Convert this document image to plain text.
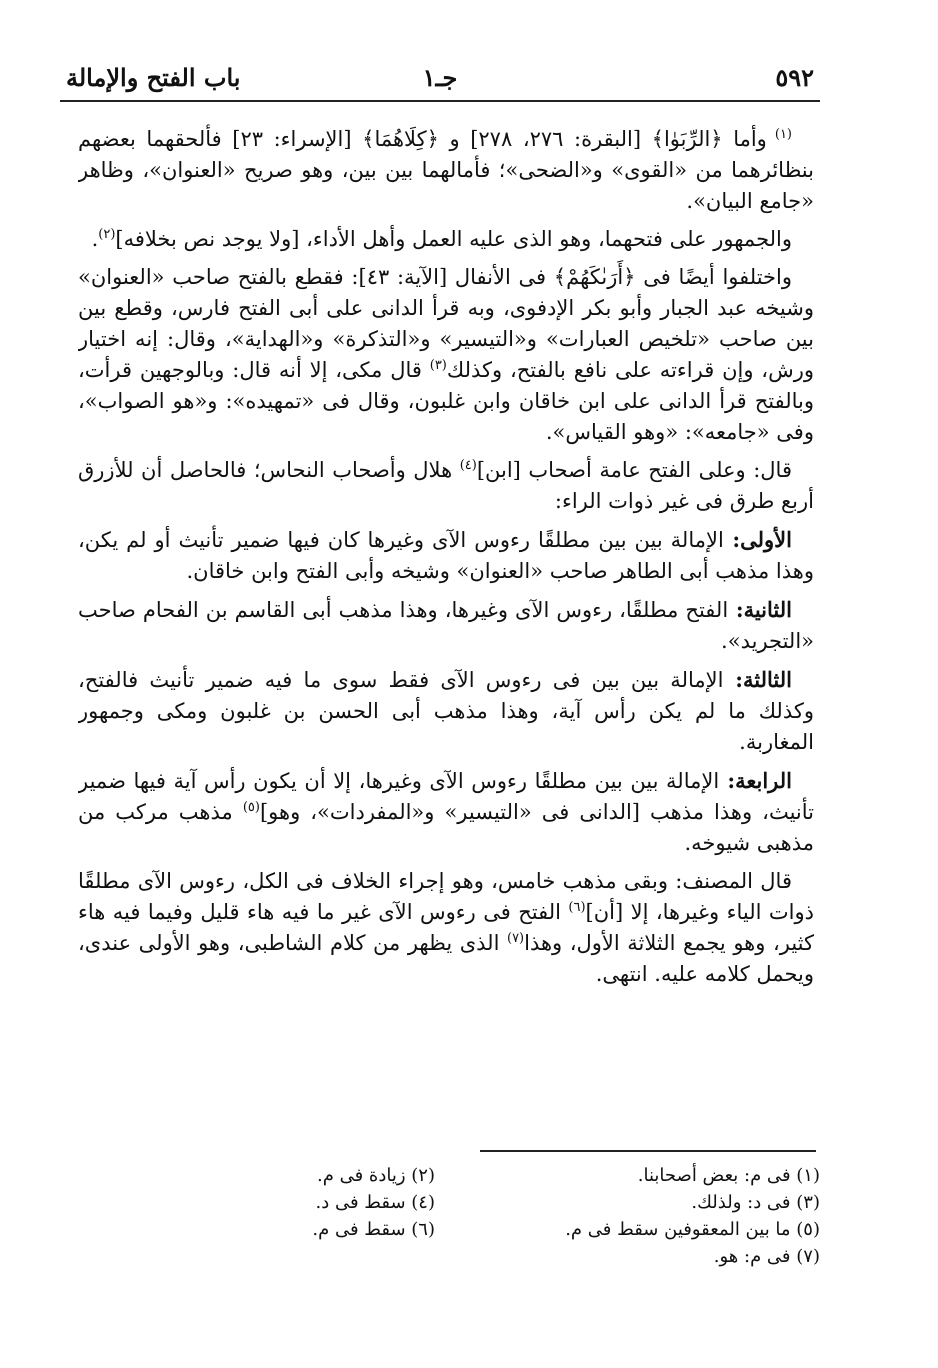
٥٩٢
جـ١
باب الفتح والإمالة

$^{(١)}$ وأما ﴿الرِّبَوٰا﴾ [البقرة: ٢٧٦، ٢٧٨] و ﴿كِلَاهُمَا﴾ [الإسراء: ٢٣] فألحقهما بعضهم بنظائرهما من «القوى» و«الضحى»؛ فأمالهما بين بين، وهو صريح «العنوان»، وظاهر «جامع البيان».

والجمهور على فتحهما، وهو الذى عليه العمل وأهل الأداء، [ولا يوجد نص بخلافه]$^{(٢)}$.

واختلفوا أيضًا فى ﴿أَرَىٰكَهُمْ﴾ فى الأنفال [الآية: ٤٣]: فقطع بالفتح صاحب «العنوان» وشيخه عبد الجبار وأبو بكر الإدفوى، وبه قرأ الدانى على أبى الفتح فارس، وقطع بين بين صاحب «تلخيص العبارات» و«التيسير» و«التذكرة» و«الهداية»، وقال: إنه اختيار ورش، وإن قراءته على نافع بالفتح، وكذلك$^{(٣)}$ قال مكى، إلا أنه قال: وبالوجهين قرأت، وبالفتح قرأ الدانى على ابن خاقان وابن غلبون، وقال فى «تمهيده»: و«هو الصواب»، وفى «جامعه»: «وهو القياس».

قال: وعلى الفتح عامة أصحاب [ابن]$^{(٤)}$ هلال وأصحاب النحاس؛ فالحاصل أن للأزرق أربع طرق فى غير ذوات الراء:

الأولى: الإمالة بين بين مطلقًا رءوس الآى وغيرها كان فيها ضمير تأنيث أو لم يكن، وهذا مذهب أبى الطاهر صاحب «العنوان» وشيخه وأبى الفتح وابن خاقان.

الثانية: الفتح مطلقًا، رءوس الآى وغيرها، وهذا مذهب أبى القاسم بن الفحام صاحب «التجريد».

الثالثة: الإمالة بين بين فى رءوس الآى فقط سوى ما فيه ضمير تأنيث فالفتح، وكذلك ما لم يكن رأس آية، وهذا مذهب أبى الحسن بن غلبون ومكى وجمهور المغاربة.

الرابعة: الإمالة بين بين مطلقًا رءوس الآى وغيرها، إلا أن يكون رأس آية فيها ضمير تأنيث، وهذا مذهب [الدانى فى «التيسير» و«المفردات»، وهو]$^{(٥)}$ مذهب مركب من مذهبى شيوخه.

قال المصنف: وبقى مذهب خامس، وهو إجراء الخلاف فى الكل، رءوس الآى مطلقًا ذوات الياء وغيرها، إلا [أن]$^{(٦)}$ الفتح فى رءوس الآى غير ما فيه هاء قليل وفيما فيه هاء كثير، وهو يجمع الثلاثة الأول، وهذا$^{(٧)}$ الذى يظهر من كلام الشاطبى، وهو الأولى عندى، ويحمل كلامه عليه. انتهى.

(١) فى م: بعض أصحابنا.
(٢) زيادة فى م.
(٣) فى د: ولذلك.
(٤) سقط فى د.
(٥) ما بين المعقوفين سقط فى م.
(٦) سقط فى م.
(٧) فى م: هو.
